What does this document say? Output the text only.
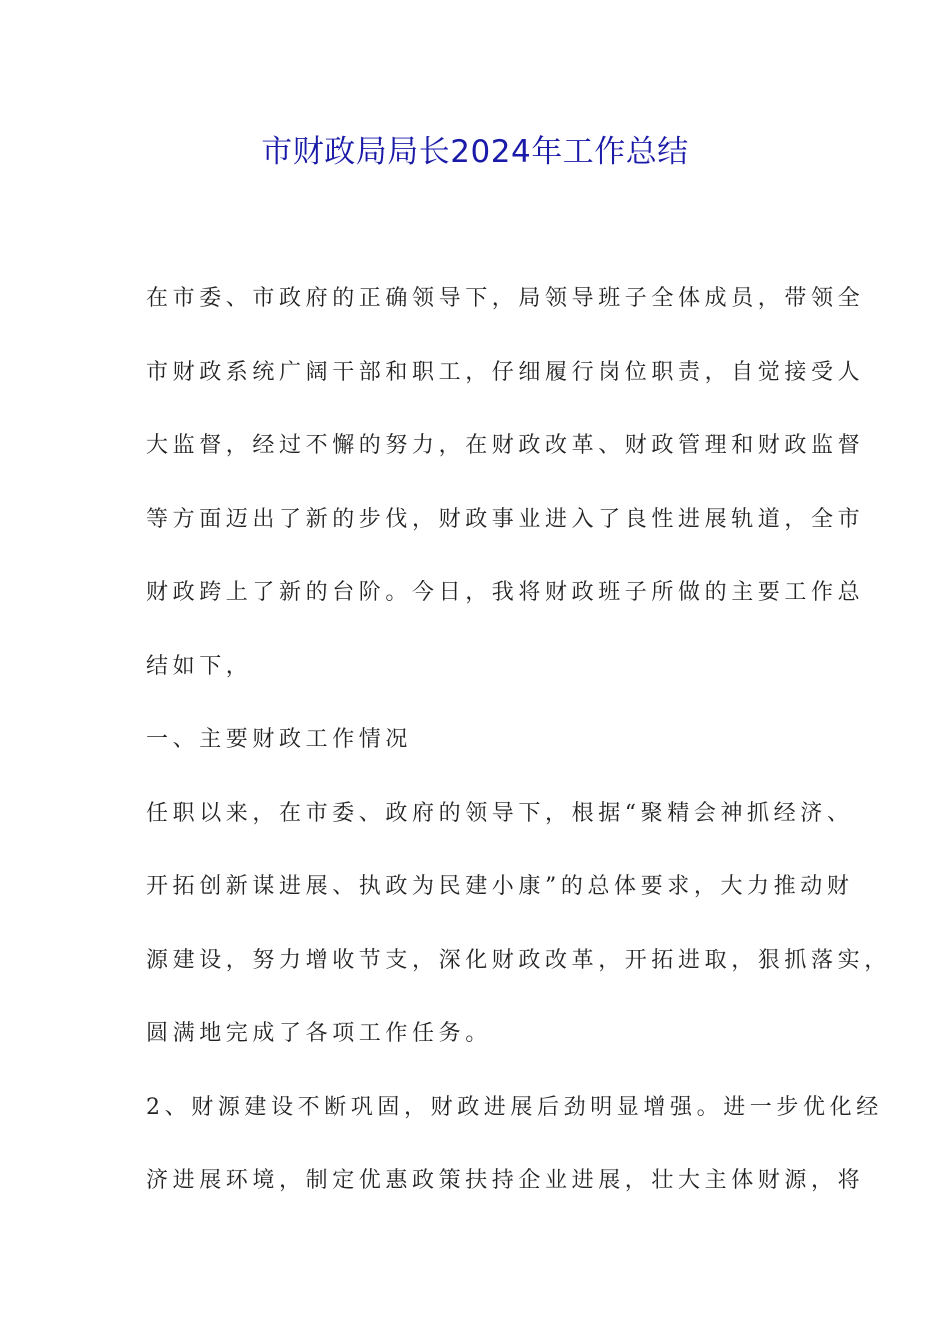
市财政局局长2024年工作总结
在市委、市政府的正确领导下，局领导班子全体成员，带领全
市财政系统广阔干部和职工，仔细履行岗位职责，自觉接受人
大监督，经过不懈的努力，在财政改革、财政管理和财政监督
等方面迈出了新的步伐，财政事业进入了良性进展轨道，全市
财政跨上了新的台阶。今日，我将财政班子所做的主要工作总
结如下，
一、主要财政工作情况
任职以来，在市委、政府的领导下，根据“聚精会神抓经济、
开拓创新谋进展、执政为民建小康”的总体要求，大力推动财
源建设，努力增收节支，深化财政改革，开拓进取，狠抓落实，
圆满地完成了各项工作任务。
2、财源建设不断巩固，财政进展后劲明显增强。进一步优化经
济进展环境，制定优惠政策扶持企业进展，壮大主体财源，将
